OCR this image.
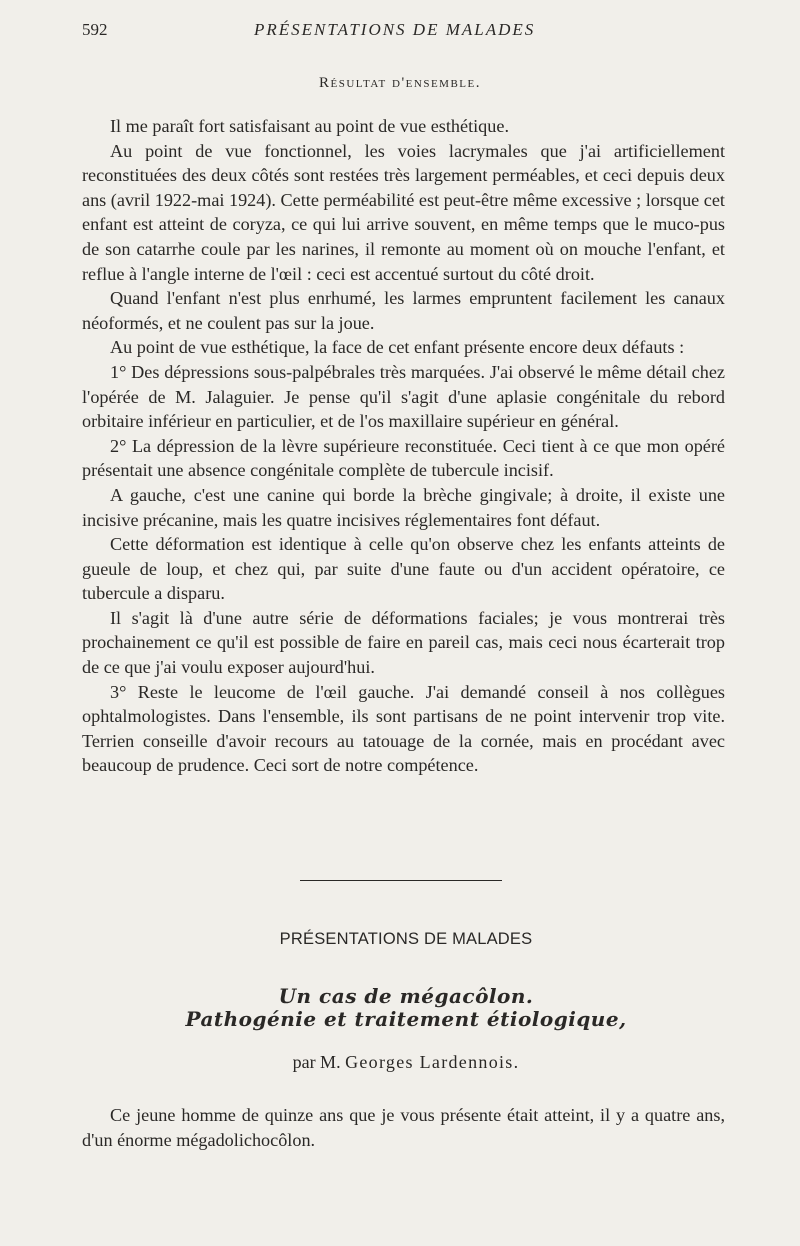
592	PRÉSENTATIONS DE MALADES
Résultat d'ensemble.

Il me paraît fort satisfaisant au point de vue esthétique.

Au point de vue fonctionnel, les voies lacrymales que j'ai artificiellement reconstituées des deux côtés sont restées très largement perméables, et ceci depuis deux ans (avril 1922-mai 1924). Cette perméabilité est peut-être même excessive ; lorsque cet enfant est atteint de coryza, ce qui lui arrive souvent, en même temps que le muco-pus de son catarrhe coule par les narines, il remonte au moment où on mouche l'enfant, et reflue à l'angle interne de l'œil : ceci est accentué surtout du côté droit.

Quand l'enfant n'est plus enrhumé, les larmes empruntent facilement les canaux néoformés, et ne coulent pas sur la joue.

Au point de vue esthétique, la face de cet enfant présente encore deux défauts :

1° Des dépressions sous-palpébrales très marquées. J'ai observé le même détail chez l'opérée de M. Jalaguier. Je pense qu'il s'agit d'une aplasie congénitale du rebord orbitaire inférieur en particulier, et de l'os maxillaire supérieur en général.

2° La dépression de la lèvre supérieure reconstituée. Ceci tient à ce que mon opéré présentait une absence congénitale complète de tubercule incisif.

A gauche, c'est une canine qui borde la brèche gingivale; à droite, il existe une incisive précanine, mais les quatre incisives réglementaires font défaut.

Cette déformation est identique à celle qu'on observe chez les enfants atteints de gueule de loup, et chez qui, par suite d'une faute ou d'un accident opératoire, ce tubercule a disparu.

Il s'agit là d'une autre série de déformations faciales; je vous montrerai très prochainement ce qu'il est possible de faire en pareil cas, mais ceci nous écarterait trop de ce que j'ai voulu exposer aujourd'hui.

3° Reste le leucome de l'œil gauche. J'ai demandé conseil à nos collègues ophtalmologistes. Dans l'ensemble, ils sont partisans de ne point intervenir trop vite. Terrien conseille d'avoir recours au tatouage de la cornée, mais en procédant avec beaucoup de prudence. Ceci sort de notre compétence.

PRÉSENTATIONS DE MALADES
Un cas de mégacôlon.
Pathogénie et traitement étiologique,
par M. Georges Lardennois.

Ce jeune homme de quinze ans que je vous présente était atteint, il y a quatre ans, d'un énorme mégadolichocôlon.
